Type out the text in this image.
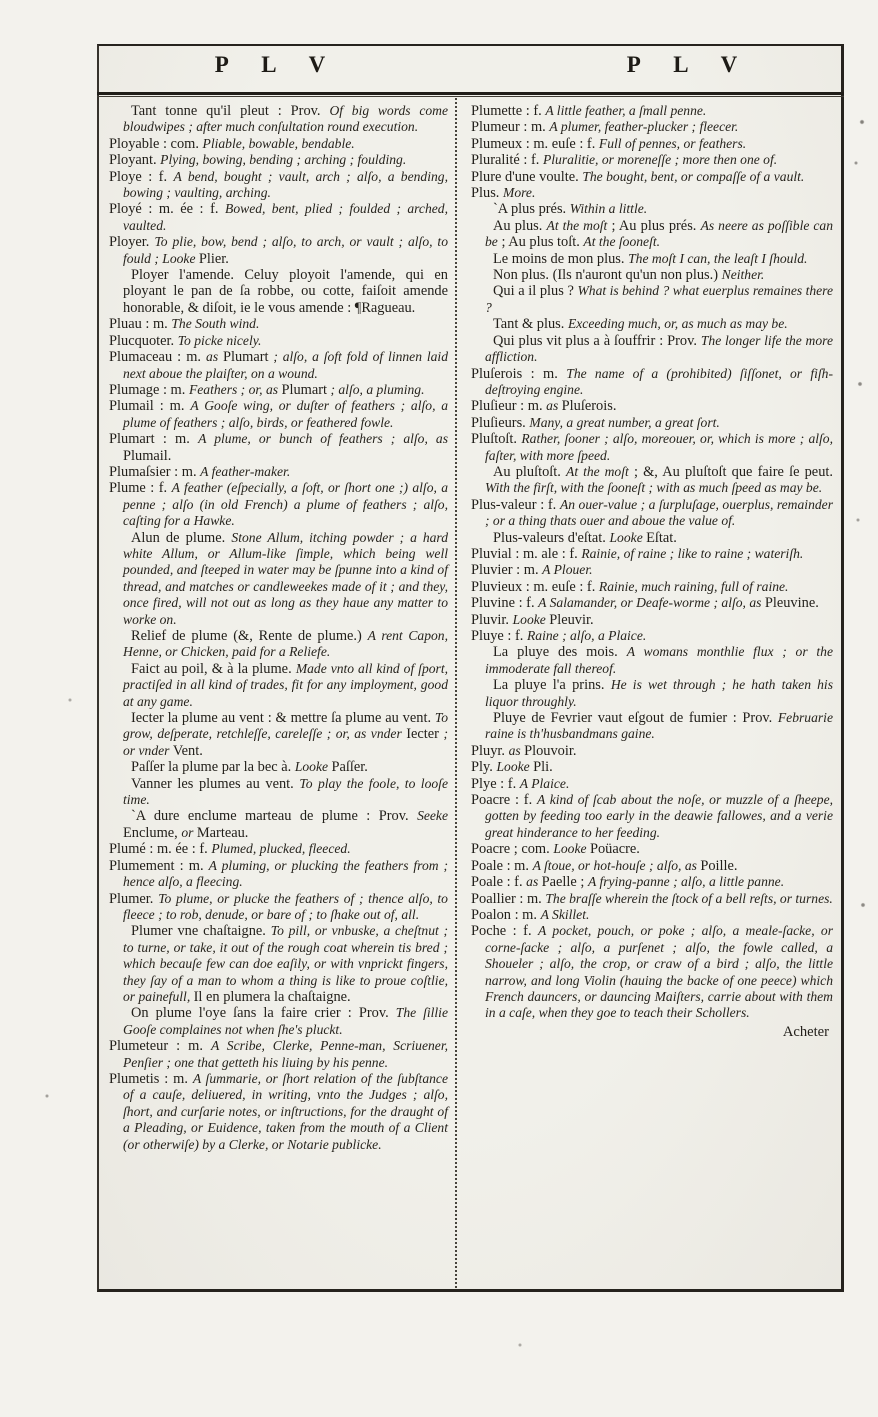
P L V	P L V

Tant tonne qu'il pleut : Prov. Of big words come bloudwipes ; after much conſultation round execution.

Ployable : com. Pliable, bowable, bendable.

Ployant. Plying, bowing, bending ; arching ; foulding.

Ploye : f. A bend, bought ; vault, arch ; alſo, a bending, bowing ; vaulting, arching.

Ployé : m. ée : f. Bowed, bent, plied ; foulded ; arched, vaulted.

Ployer. To plie, bow, bend ; alſo, to arch, or vault ; alſo, to fould ; Looke Plier.

Ployer l'amende. Celuy ployoit l'amende, qui en ployant le pan de ſa robbe, ou cotte, faiſoit amende honorable, & diſoit, ie le vous amende : ¶Ragueau.

Pluau : m. The South wind.

Plucquoter. To picke nicely.

Plumaceau : m. as Plumart ; alſo, a ſoft fold of linnen laid next aboue the plaiſter, on a wound.

Plumage : m. Feathers ; or, as Plumart ; alſo, a pluming.

Plumail : m. A Gooſe wing, or duſter of feathers ; alſo, a plume of feathers ; alſo, birds, or feathered fowle.

Plumart : m. A plume, or bunch of feathers ; alſo, as Plumail.

Plumaſsier : m. A feather-maker.

Plume : f. A feather (eſpecially, a ſoft, or ſhort one ;) alſo, a penne ; alſo (in old French) a plume of feathers ; alſo, caſting for a Hawke.

Alun de plume. Stone Allum, itching powder ; a hard white Allum, or Allum-like ſimple, which being well pounded, and ſteeped in water may be ſpunne into a kind of thread, and matches or candleweekes made of it ; and they, once fired, will not out as long as they haue any matter to worke on.

Relief de plume (&, Rente de plume.) A rent Capon, Henne, or Chicken, paid for a Reliefe.

Faict au poil, & à la plume. Made vnto all kind of ſport, practiſed in all kind of trades, fit for any imployment, good at any game.

Iecter la plume au vent : & mettre ſa plume au vent. To grow, deſperate, retchleſſe, careleſſe ; or, as vnder Iecter ; or vnder Vent.

Paſſer la plume par la bec à. Looke Paſſer.

Vanner les plumes au vent. To play the foole, to looſe time.

`A dure enclume marteau de plume : Prov. Seeke Enclume, or Marteau.

Plumé : m. ée : f. Plumed, plucked, fleeced.

Plumement : m. A pluming, or plucking the feathers from ; hence alſo, a fleecing.

Plumer. To plume, or plucke the feathers of ; thence alſo, to fleece ; to rob, denude, or bare of ; to ſhake out of, all.

Plumer vne chaſtaigne. To pill, or vnbuske, a cheſtnut ; to turne, or take, it out of the rough coat wherein tis bred ; which becauſe few can doe eaſily, or with vnprickt fingers, they ſay of a man to whom a thing is like to proue coſtlie, or painefull, Il en plumera la chaſtaigne.

On plume l'oye ſans la faire crier : Prov. The ſillie Gooſe complaines not when ſhe's pluckt.

Plumeteur : m. A Scribe, Clerke, Penne-man, Scriuener, Penſier ; one that getteth his liuing by his penne.

Plumetis : m. A ſummarie, or ſhort relation of the ſubſtance of a cauſe, deliuered, in writing, vnto the Judges ; alſo, ſhort, and curſarie notes, or inſtructions, for the draught of a Pleading, or Euidence, taken from the mouth of a Client (or otherwiſe) by a Clerke, or Notarie publicke.

Plumette : f. A little feather, a ſmall penne.

Plumeur : m. A plumer, feather-plucker ; fleecer.

Plumeux : m. euſe : f. Full of pennes, or feathers.

Pluralité : f. Pluralitie, or moreneſſe ; more then one of.

Plure d'une voulte. The bought, bent, or compaſſe of a vault.

Plus. More.

`A plus prés. Within a little.

Au plus. At the moſt ; Au plus prés. As neere as poſſible can be ; Au plus toſt. At the ſooneſt.

Le moins de mon plus. The moſt I can, the leaſt I ſhould.

Non plus. (Ils n'auront qu'un non plus.) Neither.

Qui a il plus ? What is behind ? what euerplus remaines there ?

Tant & plus. Exceeding much, or, as much as may be.

Qui plus vit plus a à ſouffrir : Prov. The longer life the more affliction.

Pluſerois : m. The name of a (prohibited) ſiſſonet, or fiſh-deſtroying engine.

Pluſieur : m. as Pluſerois.

Pluſieurs. Many, a great number, a great ſort.

Pluſtoſt. Rather, ſooner ; alſo, moreouer, or, which is more ; alſo, faſter, with more ſpeed.

Au pluſtoſt. At the moſt ; &, Au pluſtoſt que faire ſe peut. With the firſt, with the ſooneſt ; with as much ſpeed as may be.

Plus-valeur : f. An ouer-value ; a ſurpluſage, ouerplus, remainder ; or a thing thats ouer and aboue the value of.

Plus-valeurs d'eſtat. Looke Eſtat.

Pluvial : m. ale : f. Rainie, of raine ; like to raine ; wateriſh.

Pluvier : m. A Plouer.

Pluvieux : m. euſe : f. Rainie, much raining, full of raine.

Pluvine : f. A Salamander, or Deafe-worme ; alſo, as Pleuvine.

Pluvir. Looke Pleuvir.

Pluye : f. Raine ; alſo, a Plaice.

La pluye des mois. A womans monthlie flux ; or the immoderate fall thereof.

La pluye l'a prins. He is wet through ; he hath taken his liquor throughly.

Pluye de Fevrier vaut eſgout de fumier : Prov. Februarie raine is th'husbandmans gaine.

Pluyr. as Plouvoir.

Ply. Looke Pli.

Plye : f. A Plaice.

Poacre : f. A kind of ſcab about the noſe, or muzzle of a ſheepe, gotten by feeding too early in the deawie fallowes, and a verie great hinderance to her feeding.

Poacre ; com. Looke Poüacre.

Poale : m. A ſtoue, or hot-houſe ; alſo, as Poille.

Poale : f. as Paelle ; A frying-panne ; alſo, a little panne.

Poallier : m. The braſſe wherein the ſtock of a bell reſts, or turnes.

Poalon : m. A Skillet.

Poche : f. A pocket, pouch, or poke ; alſo, a meale-ſacke, or corne-ſacke ; alſo, a purſenet ; alſo, the fowle called, a Shoueler ; alſo, the crop, or craw of a bird ; alſo, the little narrow, and long Violin (hauing the backe of one peece) which French dauncers, or dauncing Maiſters, carrie about with them in a caſe, when they goe to teach their Schollers.

Acheter
